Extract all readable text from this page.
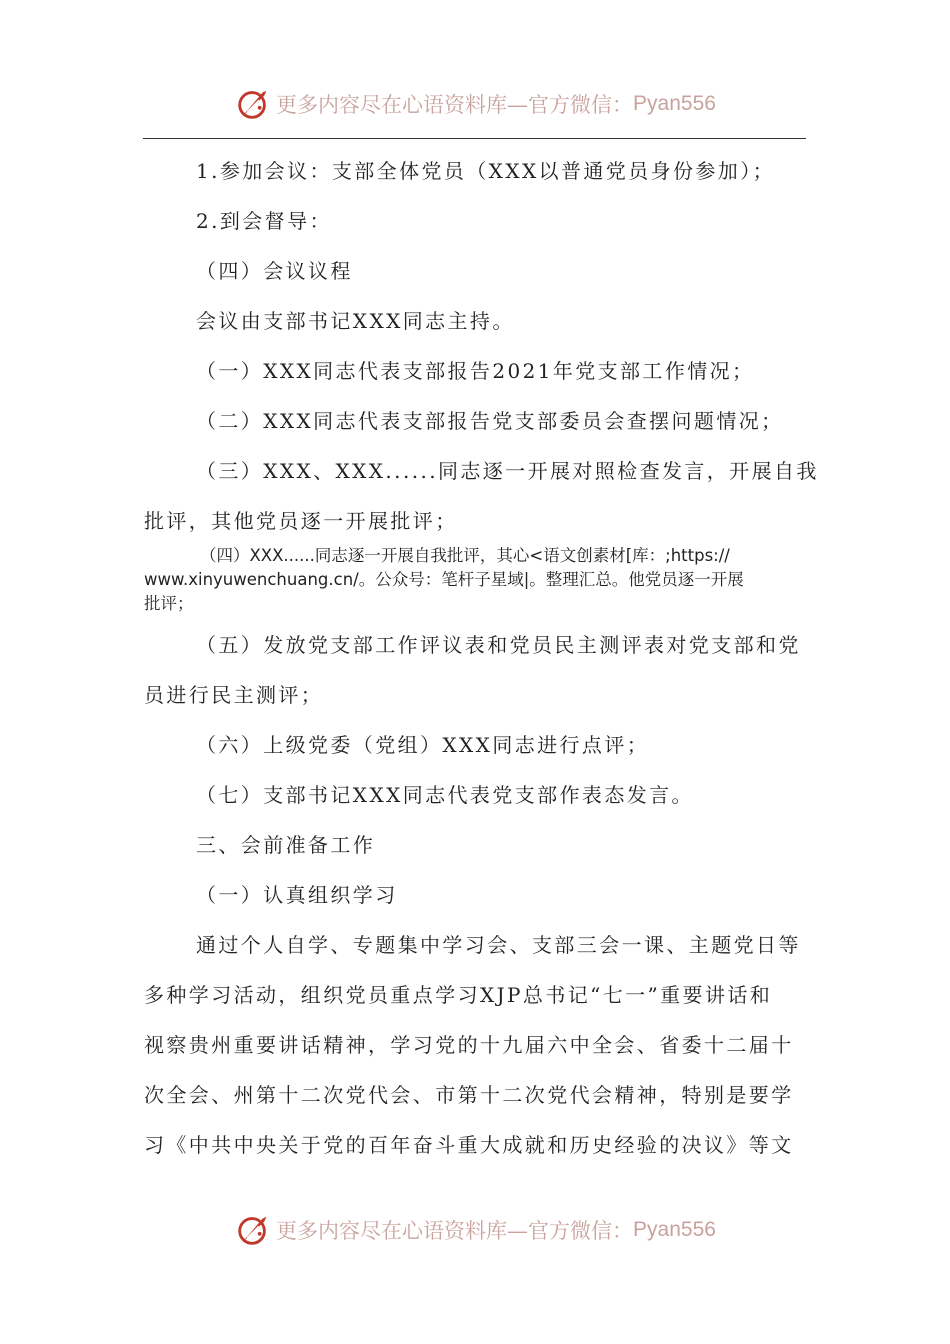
更多内容尽在心语资料库—官方微信： Pyan556
1.参加会议：支部全体党员（XXX以普通党员身份参加）；
2.到会督导：
（四）会议议程
会议由支部书记XXX同志主持。
（一）XXX同志代表支部报告2021年党支部工作情况；
（二）XXX同志代表支部报告党支部委员会查摆问题情况；
（三）XXX、XXX......同志逐一开展对照检查发言，开展自我
批评，其他党员逐一开展批评；

（四）XXX......同志逐一开展自我批评，其心<语文创素材[库：;https://

www.xinyuwenchuang.cn/。公众号：笔杆子星域|。整理汇总。他党员逐一开展

批评；

（五）发放党支部工作评议表和党员民主测评表对党支部和党
员进行民主测评；
（六）上级党委（党组）XXX同志进行点评；
（七）支部书记XXX同志代表党支部作表态发言。
三、会前准备工作
（一）认真组织学习
通过个人自学、专题集中学习会、支部三会一课、主题党日等
多种学习活动，组织党员重点学习XJP总书记“七一”重要讲话和
视察贵州重要讲话精神，学习党的十九届六中全会、省委十二届十
次全会、州第十二次党代会、市第十二次党代会精神，特别是要学
习《中共中央关于党的百年奋斗重大成就和历史经验的决议》等文
更多内容尽在心语资料库—官方微信： Pyan556
